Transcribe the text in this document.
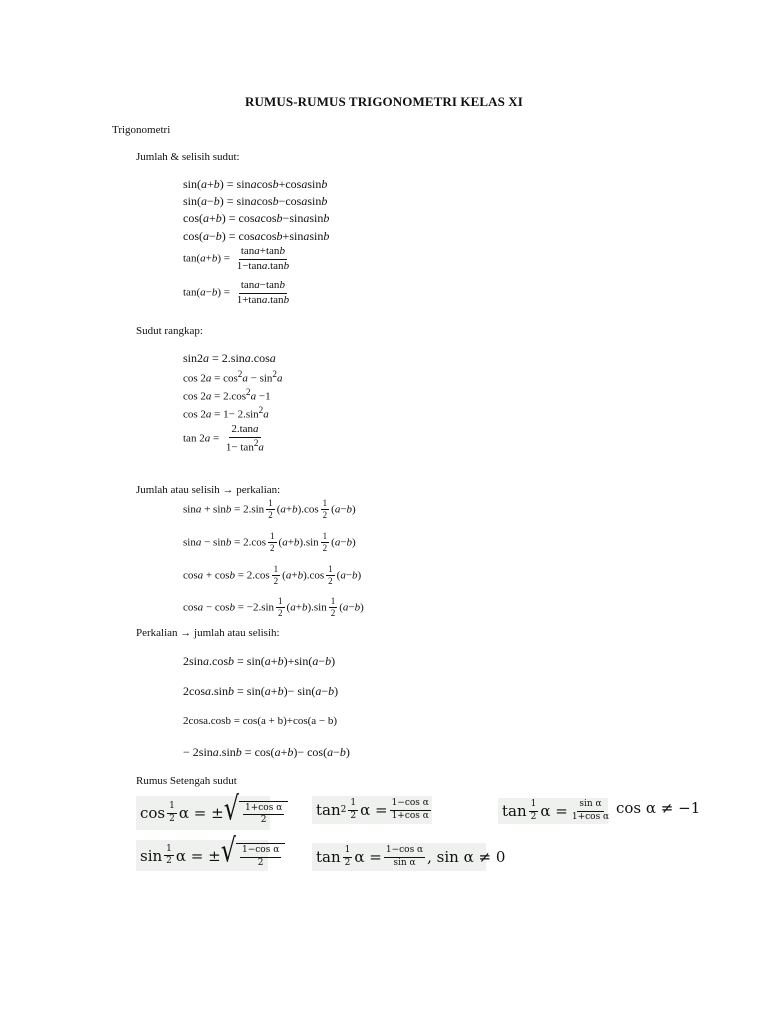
RUMUS-RUMUS TRIGONOMETRI KELAS XI
Trigonometri
Jumlah & selisih sudut:
sin(a+b) = sinacosb+cosasinb
sin(a−b) = sinacosb−cosasinb
cos(a+b) = cosacosb−sinasinb
cos(a−b) = cosacosb+sinasinb
$\tan(a+b) = \frac{\tan a+\tan b}{1-\tan a.\tan b}$
$\tan(a-b) = \frac{\tan a-\tan b}{1+\tan a.\tan b}$
Sudut rangkap:
sin2a = 2.sina.cosa
$\cos 2a = \cos^2a - \sin^2a$
$\cos 2a = 2.\cos^2a -1$
$\cos 2a = 1- 2.\sin^2a$
$\tan 2a = \frac{2.\tan a}{1- \tan^2a}$
Jumlah atau selisih → perkalian:
$\sin a + \sin b = 2.\sin \frac{1}{2} (a+b).\cos \frac{1}{2} (a-b)$
$\sin a - \sin b = 2.\cos \frac{1}{2} (a+b).\sin \frac{1}{2} (a-b)$
$\cos a + \cos b = 2.\cos \frac{1}{2} (a+b).\cos \frac{1}{2} (a-b)$
$\cos a - \cos b = -2.\sin \frac{1}{2} (a+b).\sin \frac{1}{2} (a-b)$
Perkalian → jumlah atau selisih:
2sina.cosb = sin(a+b)+sin(a−b)
2cosa.sinb = sin(a+b)− sin(a−b)
2cosa.cosb = cos(a + b)+cos(a − b)
− 2sina.sinb = cos(a+b)− cos(a−b)
Rumus Setengah sudut
$\cos \frac{1}{2}$ α = ± √ $\frac{\text{1+cos α}}{2}$ $\tan 2 \frac{1}{2}$ $\alpha = \frac{\text{1−cos α}}{\text{1+cos α}}$	$\tan \frac{1}{2}$ $\alpha = \frac{\text{sin α}}{\text{1+cos α}}$ cos α ≠ −1
$\sin \frac{1}{2}$ α = ± √ $\frac{\text{1−cos α}}{2}$ $\tan \frac{1}{2}$ $\alpha = \frac{\text{1−cos α}}{\text{sin α}}$ , sin α ≠ 0
